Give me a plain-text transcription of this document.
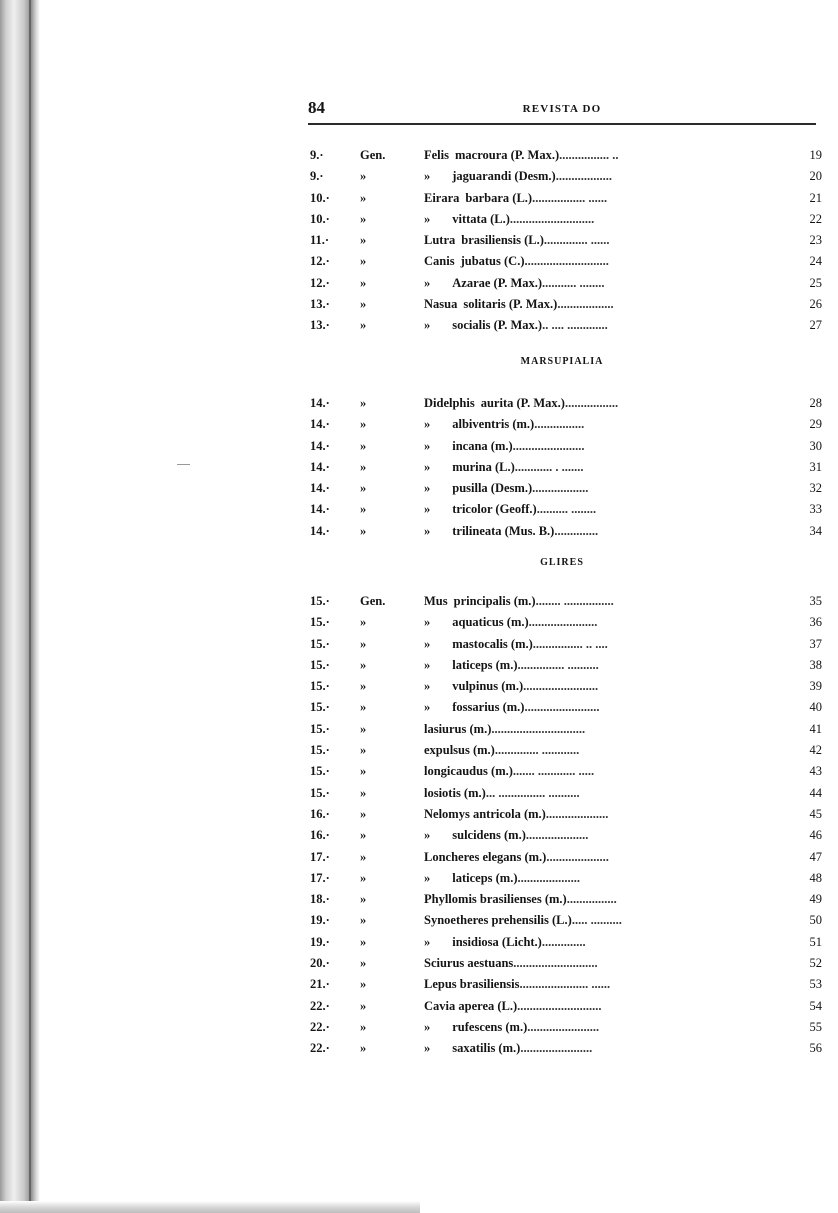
84	REVISTA DO
9.·	Gen.	Felis macroura (P. Max.)................ ..	19
9.·	»	» jaguarandi (Desm.)..................	20
10.· »	Eirara barbara (L.)................. ......	21
10.· »	» vittata (L.)...........................	22
11.· »	Lutra brasiliensis (L.).............. ......	23
12.· »	Canis jubatus (C.)...........................	24
12.· »	» Azarae (P. Max.)........... ........	25
13.· »	Nasua solitaris (P. Max.)..................	26
13.· »	» socialis (P. Max.).. .... .............	27
MARSUPIALIA
14.· »	Didelphis aurita (P. Max.).................	28
14.· »	» albiventris (m.)................	29
14.· »	» incana (m.).......................	30
14.· »	» murina (L.)............ . .......	31
14.· »	» pusilla (Desm.)..................	32
14.· »	» tricolor (Geoff.).......... ........	33
14.· »	» trilineata (Mus. B.)..............	34
GLIRES
15.· Gen.	Mus principalis (m.)........ ................	35
15.· »	» aquaticus (m.)......................	36
15.· »	» mastocalis (m.)................ .. ....	37
15.· »	» laticeps (m.)............... ..........	38
15.· »	» vulpinus (m.)........................	39
15.· »	» fossarius (m.)........................	40
15.· »	lasiurus (m.)..............................	41
15.· »	expulsus (m.).............. ............	42
15.· »	longicaudus (m.)....... ............ .....	43
15.· »	losiotis (m.)... ............... ..........	44
16.· »	Nelomys antricola (m.)....................	45
16.· »	» sulcidens (m.)....................	46
17.· »	Loncheres elegans (m.)....................	47
17.· »	» laticeps (m.)....................	48
18.· »	Phyllomis brasilienses (m.)................	49
19.· »	Synoetheres prehensilis (L.)..... ..........	50
19.· »	» insidiosa (Licht.)..............	51
20.· »	Sciurus aestuans...........................	52
21.· »	Lepus brasiliensis...................... ......	53
22.· »	Cavia aperea (L.)...........................	54
22.· »	» rufescens (m.).......................	55
22.· »	» saxatilis (m.).......................	56
